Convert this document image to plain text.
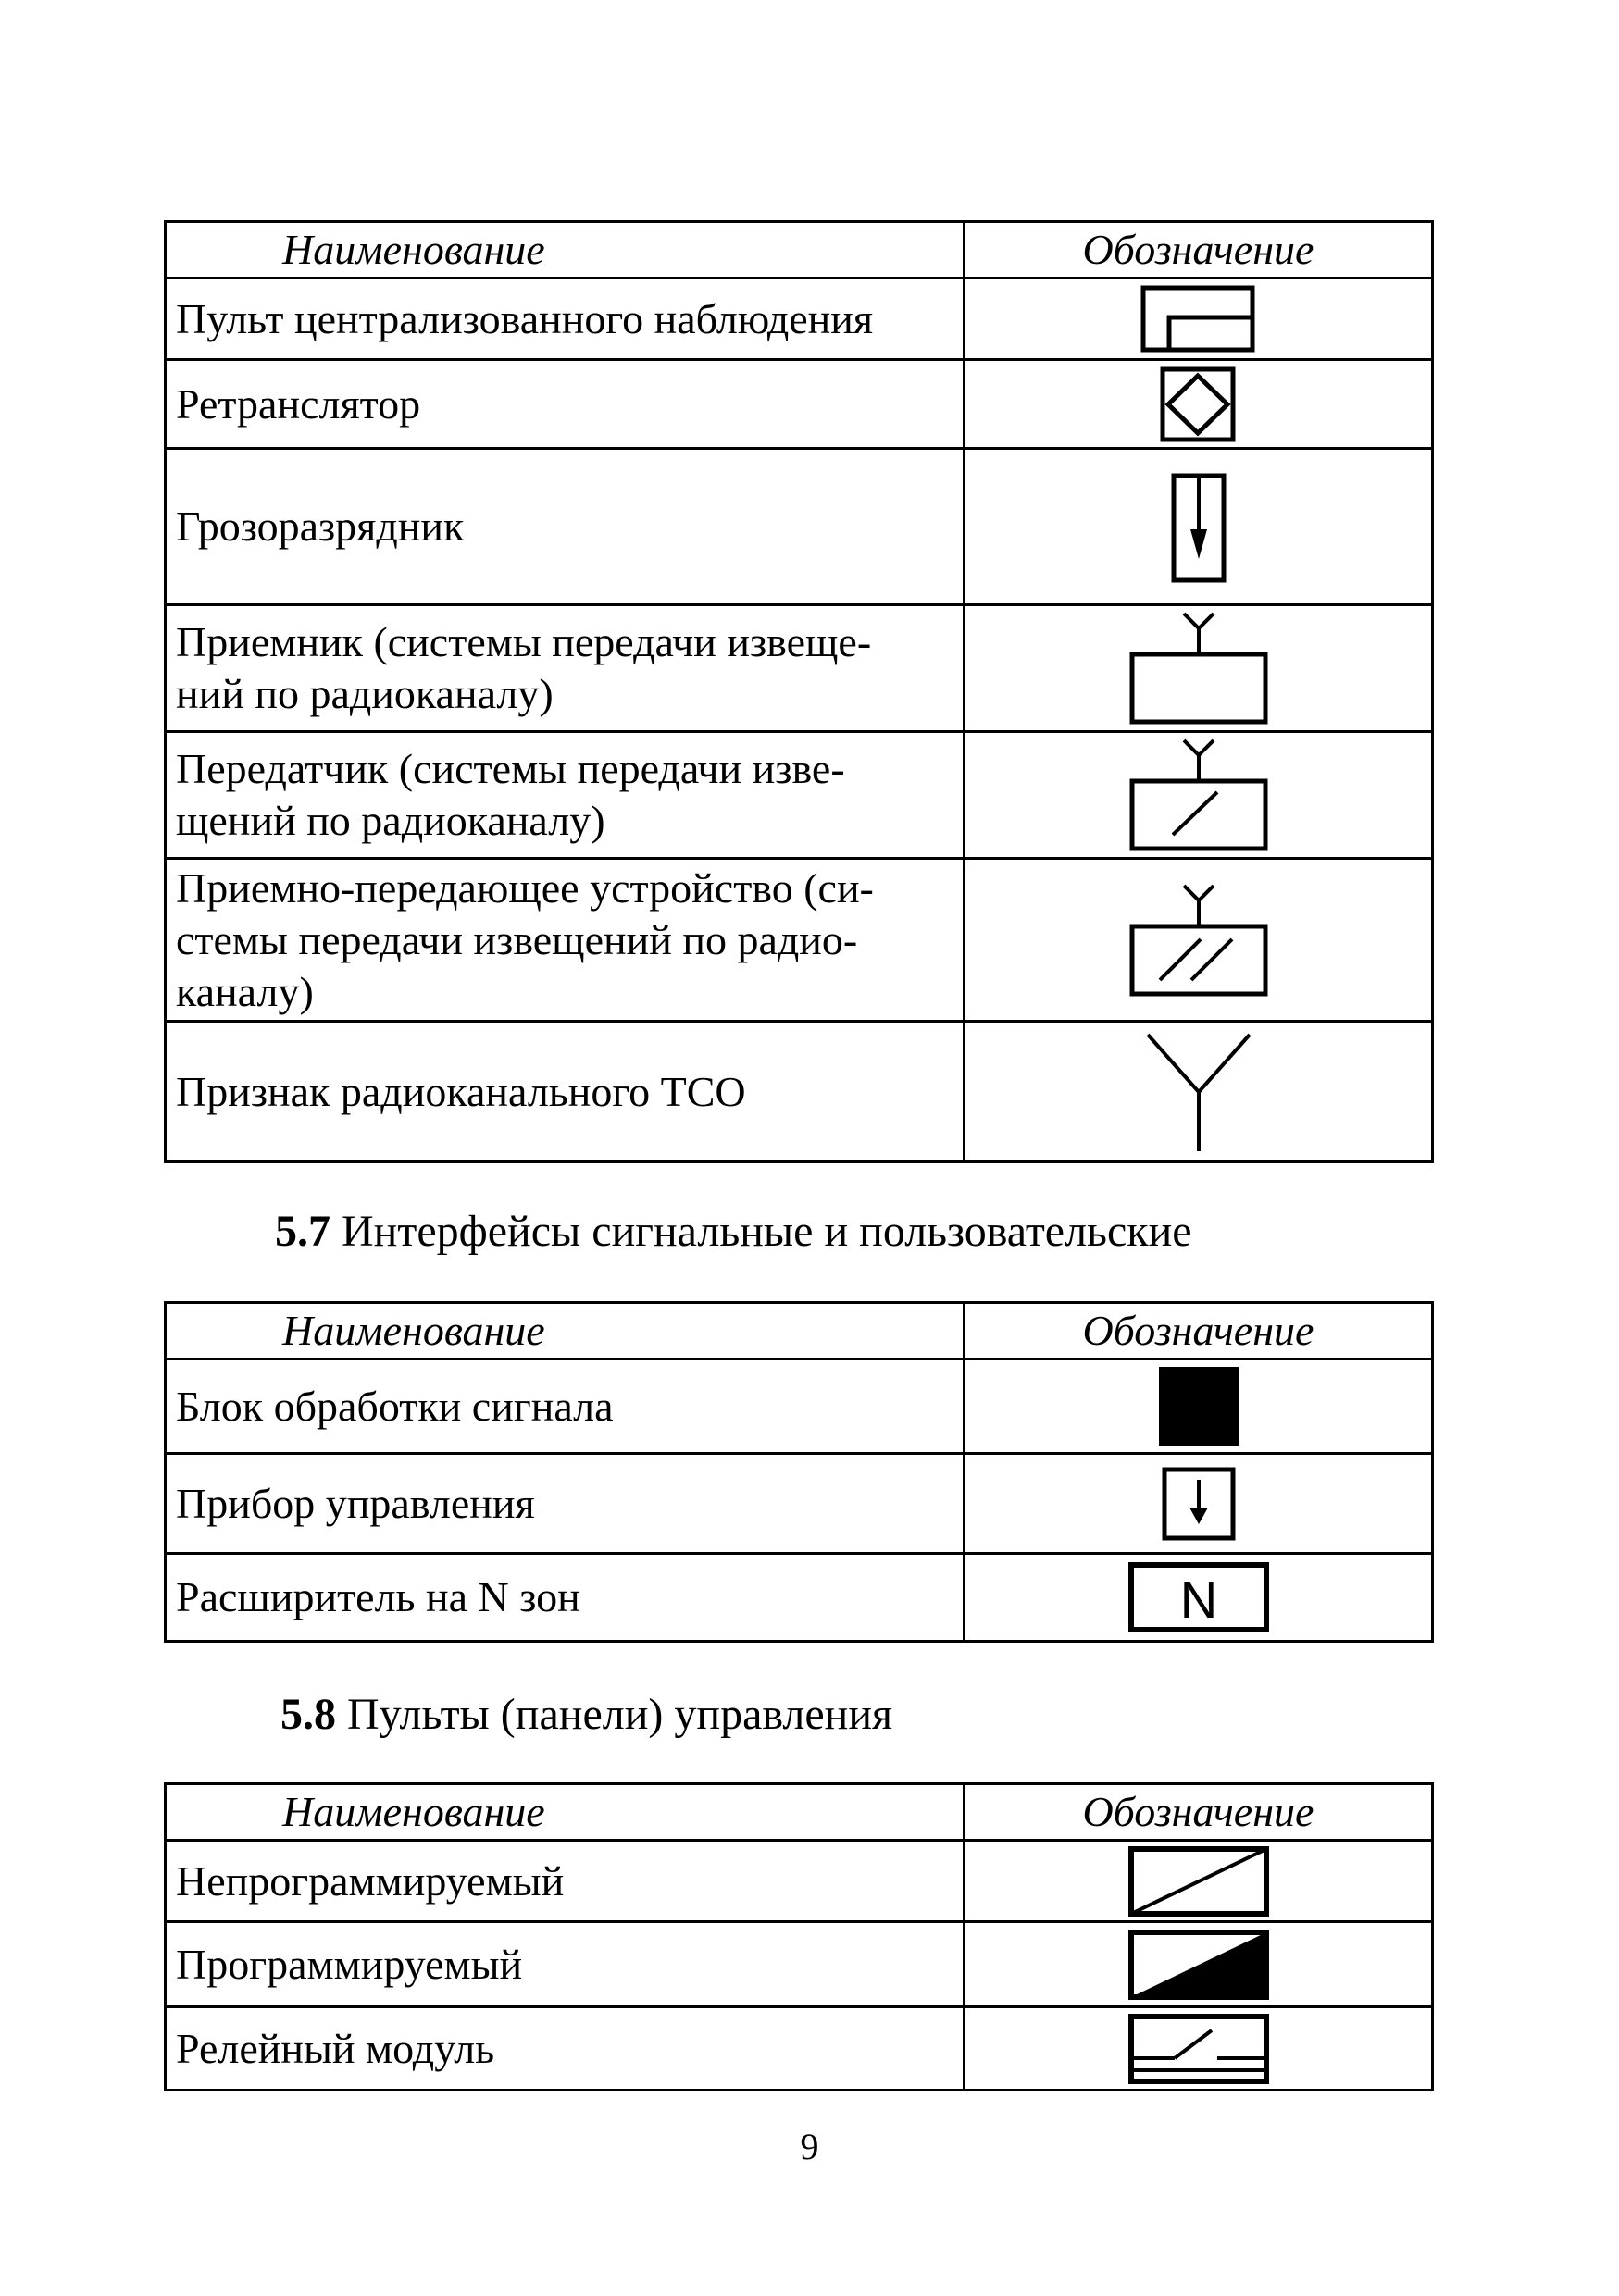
Наименование	Обозначение
Пульт централизованного наблюдения	

Ретранслятор	

Грозоразрядник	

Приемник (системы передачи извеще-
ний по радиоканалу)	

Передатчик (системы передачи изве-
щений по радиоканалу)	

Приемно-передающее устройство (си-
стемы передачи извещений по радио-
каналу)	

Признак радиоканального ТСО	
5.7 Интерфейсы сигнальные и пользовательские
Наименование	Обозначение
Блок обработки сигнала	

Прибор управления	

Расширитель на N зон	N
5.8 Пульты (панели) управления
Наименование	Обозначение
Непрограммируемый	

Программируемый	

Релейный модуль	
9
